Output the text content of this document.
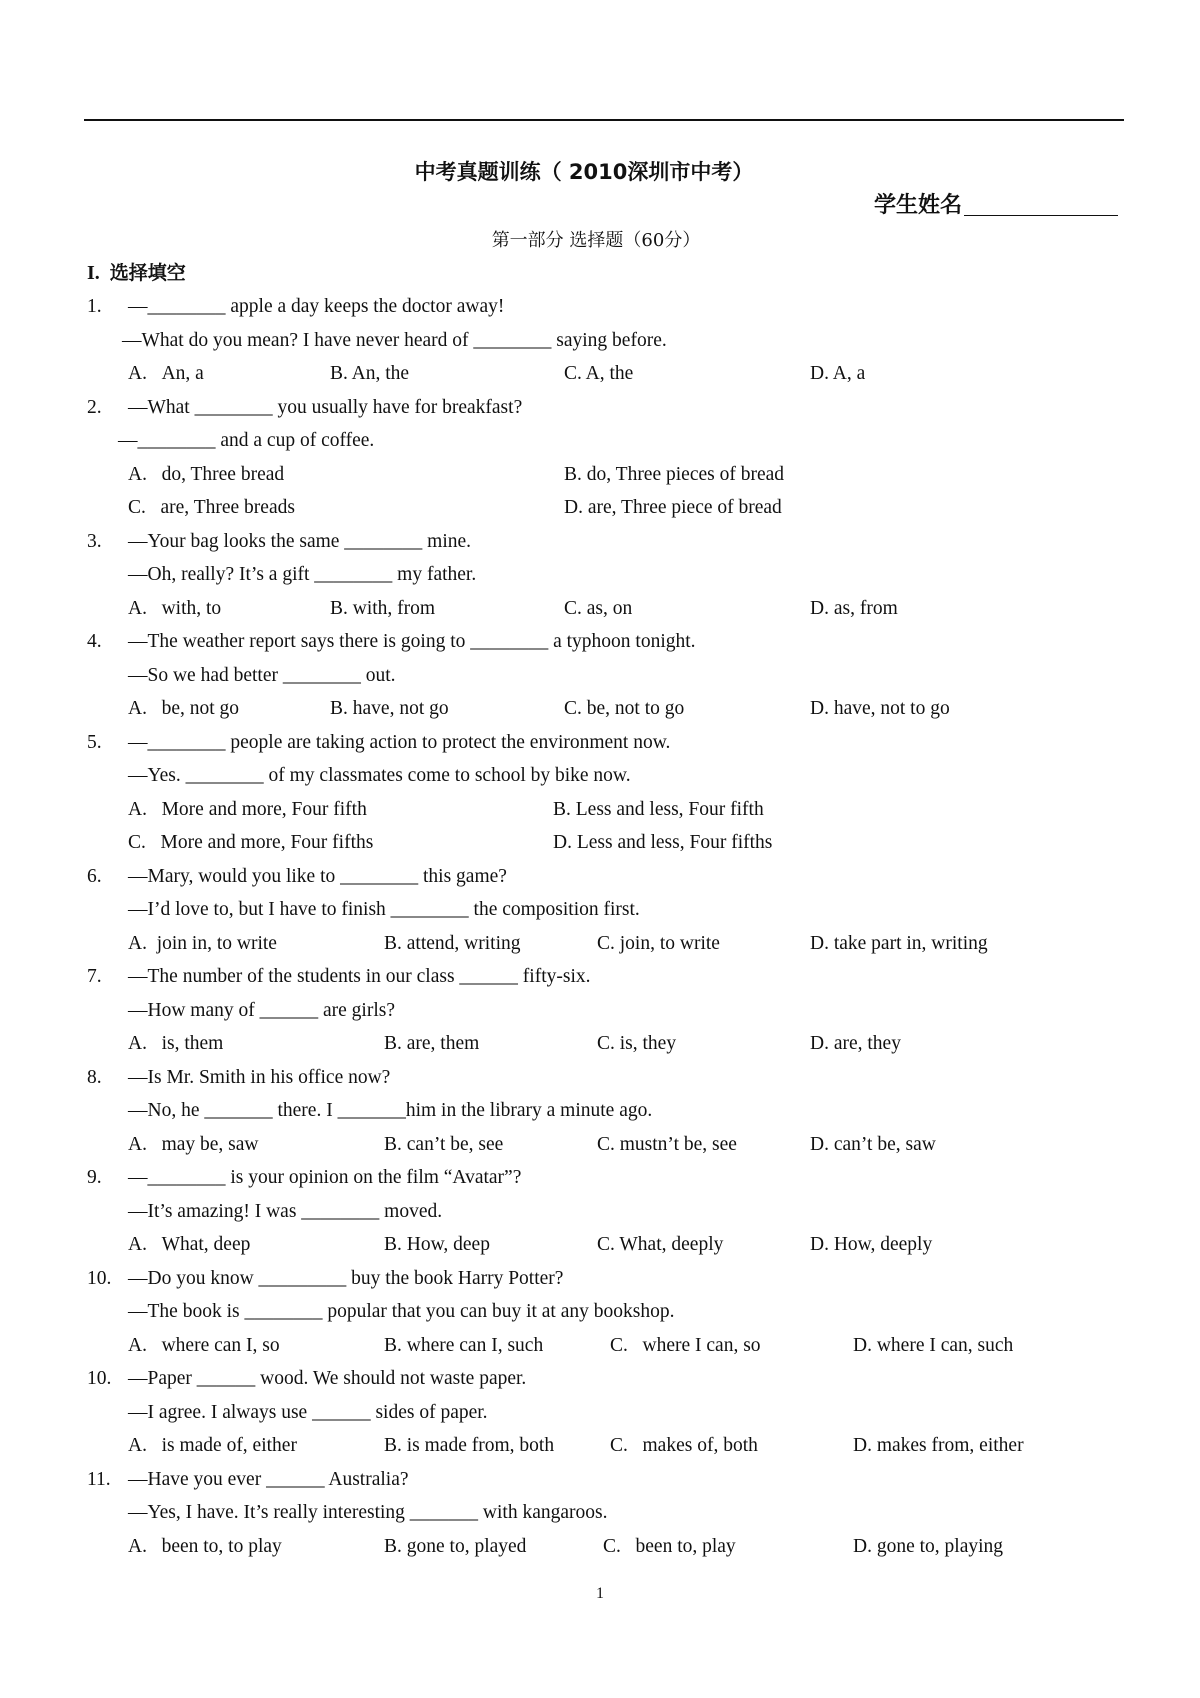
中考真题训练（ 2010深圳市中考）
学生姓名
第一部分 选择题（60分）
I. 选择填空
1. —________ apple a day keeps the doctor away!
—What do you mean? I have never heard of ________ saying before.
A.   An, a	B. An, the	C. A, the	D. A, a
2. —What ________ you usually have for breakfast?
—________ and a cup of coffee.
A.   do, Three bread	B. do, Three pieces of bread
C.   are, Three breads	D. are, Three piece of bread
3. —Your bag looks the same ________ mine.
—Oh, really? It’s a gift ________ my father.
A.   with, to	B. with, from	C. as, on	D. as, from
4. —The weather report says there is going to ________ a typhoon tonight.
—So we had better ________ out.
A.   be, not go	B. have, not go	C. be, not to go	D. have, not to go
5. —________ people are taking action to protect the environment now.
—Yes. ________ of my classmates come to school by bike now.
A.   More and more, Four fifth	B. Less and less, Four fifth
C.   More and more, Four fifths	D. Less and less, Four fifths
6. —Mary, would you like to ________ this game?
—I’d love to, but I have to finish ________ the composition first.
A.  join in, to write	B. attend, writing	C. join, to write	D. take part in, writing
7. —The number of the students in our class ______ fifty-six.
—How many of ______ are girls?
A.   is, them	B. are, them	C. is, they	D. are, they
8. —Is Mr. Smith in his office now?
—No, he _______ there. I _______him in the library a minute ago.
A.   may be, saw	B. can’t be, see	C. mustn’t be, see	D. can’t be, saw
9. —________ is your opinion on the film “Avatar”?
—It’s amazing! I was ________ moved.
A.   What, deep	B. How, deep	C. What, deeply	D. How, deeply
10. —Do you know _________ buy the book Harry Potter?
—The book is ________ popular that you can buy it at any bookshop.
A.   where can I, so	B. where can I, such	C.   where I can, so	D. where I can, such
10. —Paper ______ wood. We should not waste paper.
—I agree. I always use ______ sides of paper.
A.   is made of, either	B. is made from, both	C.   makes of, both	D. makes from, either
11. —Have you ever ______ Australia?
—Yes, I have. It’s really interesting _______ with kangaroos.
A.   been to, to play	B. gone to, played	C.   been to, play	D. gone to, playing
1
